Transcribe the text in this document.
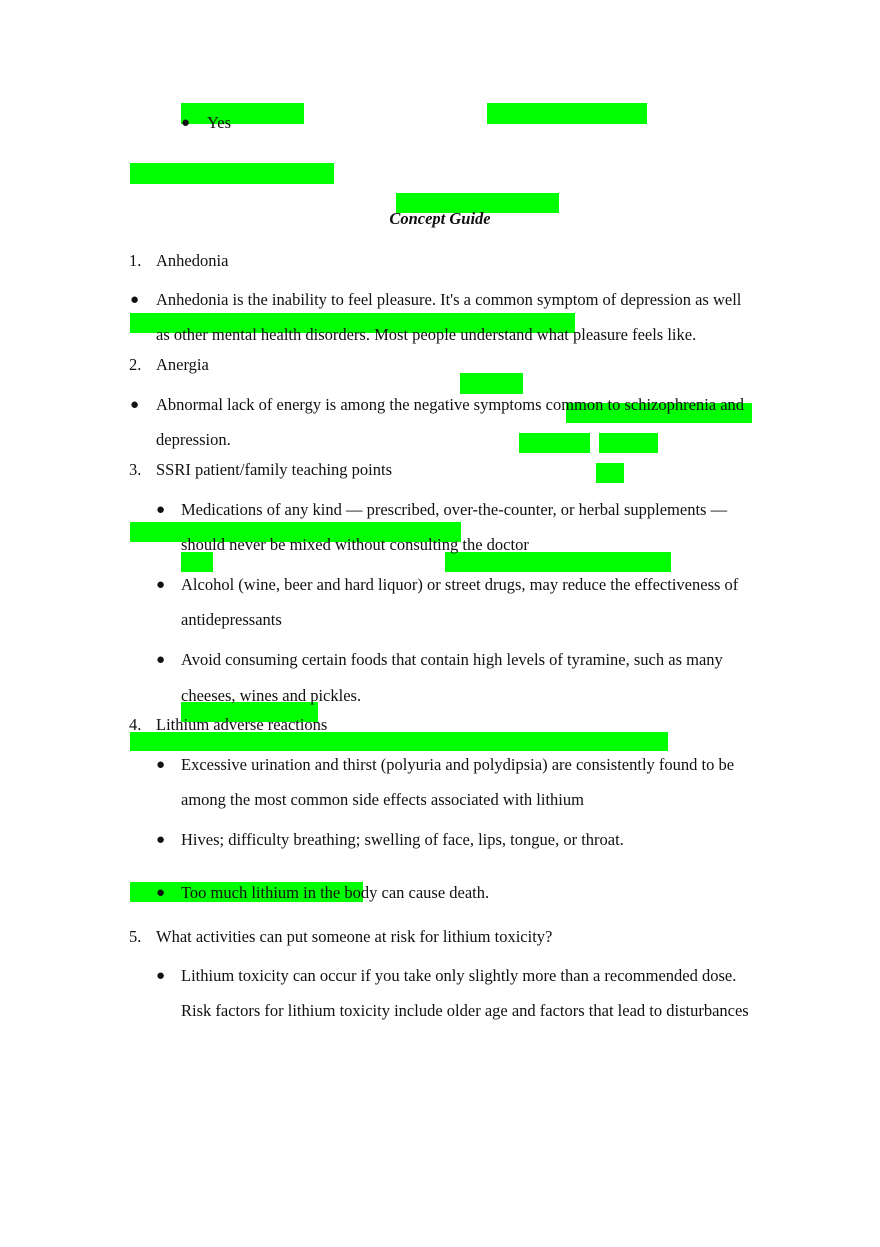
● Yes
Concept Guide
1. Anhedonia
● Anhedonia is the inability to feel pleasure. It's a common symptom of depression as well
as other mental health disorders. Most people understand what pleasure feels like.
2. Anergia
● Abnormal lack of energy is among the negative symptoms common to schizophrenia and
depression.
3. SSRI patient/family teaching points
● Medications of any kind — prescribed, over-the-counter, or herbal supplements —
should never be mixed without consulting the doctor
● Alcohol (wine, beer and hard liquor) or street drugs, may reduce the effectiveness of
antidepressants
● Avoid consuming certain foods that contain high levels of tyramine, such as many
cheeses, wines and pickles.
4. Lithium adverse reactions
● Excessive urination and thirst (polyuria and polydipsia) are consistently found to be
among the most common side effects associated with lithium
● Hives; difficulty breathing; swelling of face, lips, tongue, or throat.
● Too much lithium in the body can cause death.
5. What activities can put someone at risk for lithium toxicity?
● Lithium toxicity can occur if you take only slightly more than a recommended dose.
Risk factors for lithium toxicity include older age and factors that lead to disturbances
